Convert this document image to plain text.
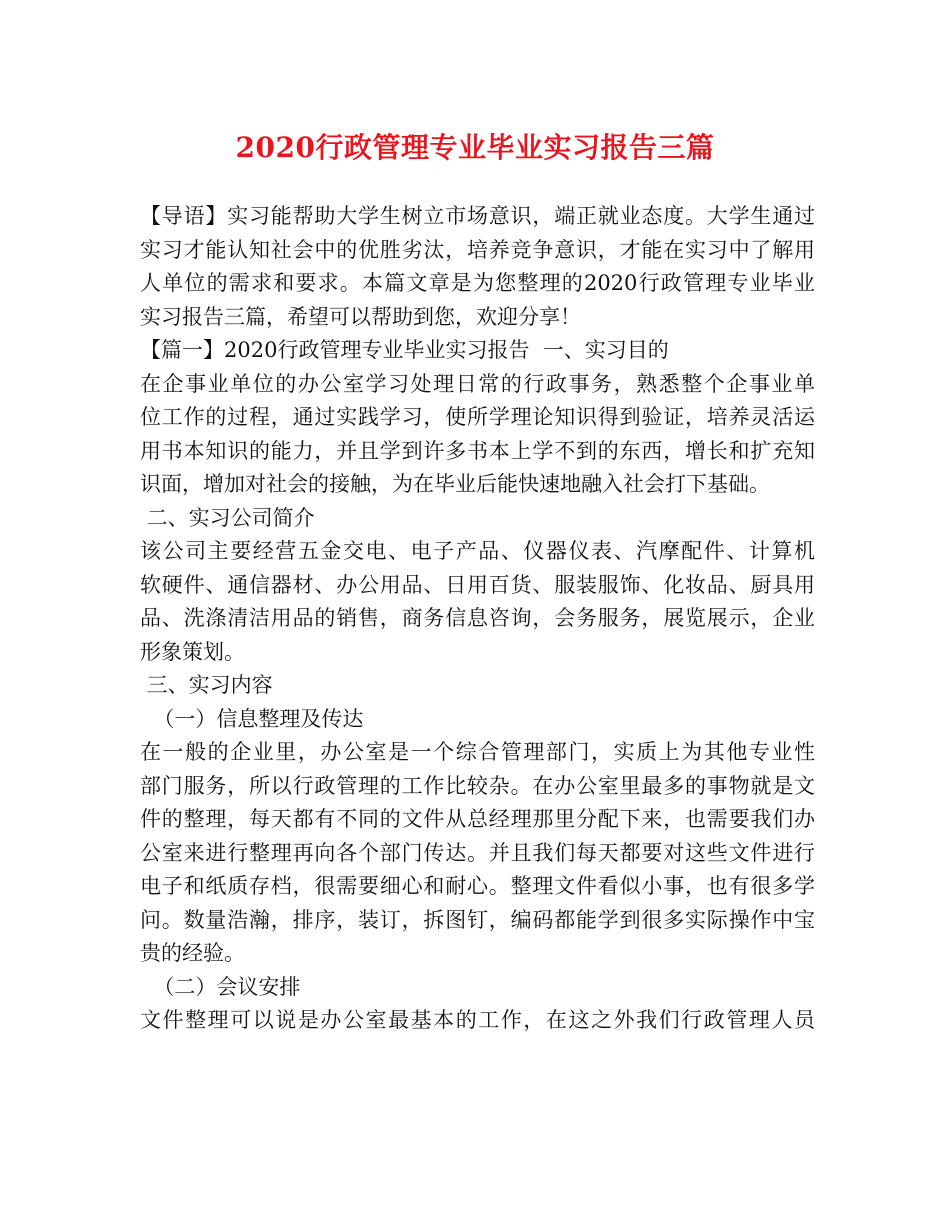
2020行政管理专业毕业实习报告三篇
【导语】实习能帮助大学生树立市场意识，端正就业态度。大学生通过
实习才能认知社会中的优胜劣汰，培养竞争意识，才能在实习中了解用
人单位的需求和要求。本篇文章是为您整理的2020行政管理专业毕业
实习报告三篇，希望可以帮助到您，欢迎分享！
【篇一】2020行政管理专业毕业实习报告  一、实习目的
在企事业单位的办公室学习处理日常的行政事务，熟悉整个企事业单
位工作的过程，通过实践学习，使所学理论知识得到验证，培养灵活运
用书本知识的能力，并且学到许多书本上学不到的东西，增长和扩充知
识面，增加对社会的接触，为在毕业后能快速地融入社会打下基础。
二、实习公司简介
该公司主要经营五金交电、电子产品、仪器仪表、汽摩配件、计算机
软硬件、通信器材、办公用品、日用百货、服装服饰、化妆品、厨具用
品、洗涤清洁用品的销售，商务信息咨询，会务服务，展览展示，企业
形象策划。
三、实习内容
（一）信息整理及传达
在一般的企业里，办公室是一个综合管理部门，实质上为其他专业性
部门服务，所以行政管理的工作比较杂。在办公室里最多的事物就是文
件的整理，每天都有不同的文件从总经理那里分配下来，也需要我们办
公室来进行整理再向各个部门传达。并且我们每天都要对这些文件进行
电子和纸质存档，很需要细心和耐心。整理文件看似小事，也有很多学
问。数量浩瀚，排序，装订，拆图钉，编码都能学到很多实际操作中宝
贵的经验。
（二）会议安排
文件整理可以说是办公室最基本的工作，在这之外我们行政管理人员
